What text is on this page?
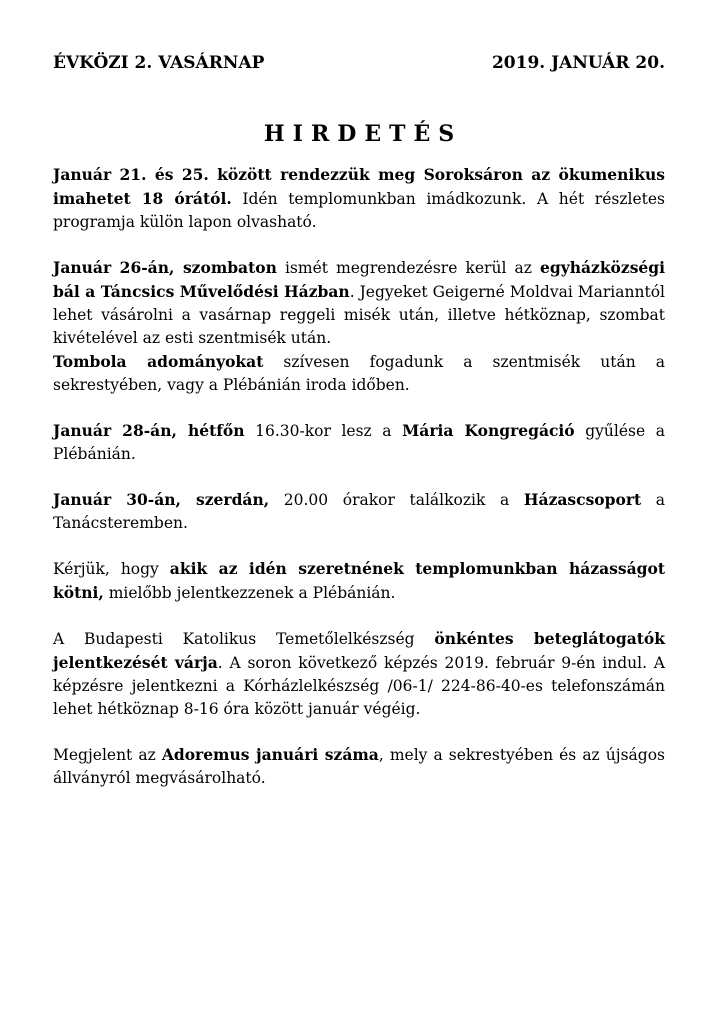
ÉVKÖZI 2. VASÁRNAP	2019. JANUÁR 20.
HIRDETÉS

Január 21. és 25. között rendezzük meg Soroksáron az ökumenikus imahetet 18 órától. Idén templomunkban imádkozunk. A hét részletes programja külön lapon olvasható.

Január 26-án, szombaton ismét megrendezésre kerül az egyházközségi bál a Táncsics Művelődési Házban. Jegyeket Geigerné Moldvai Marianntól lehet vásárolni a vasárnap reggeli misék után, illetve hétköznap, szombat kivételével az esti szentmisék után.

Tombola adományokat szívesen fogadunk a szentmisék után a sekrestyében, vagy a Plébánián iroda időben.

Január 28-án, hétfőn 16.30-kor lesz a Mária Kongregáció gyűlése a Plébánián.

Január 30-án, szerdán, 20.00 órakor találkozik a Házascsoport a Tanácsteremben.

Kérjük, hogy akik az idén szeretnének templomunkban házasságot kötni, mielőbb jelentkezzenek a Plébánián.

A Budapesti Katolikus Temetőlelkészség önkéntes beteglátogatók jelentkezését várja. A soron következő képzés 2019. február 9-én indul. A képzésre jelentkezni a Kórházlelkészség /06-1/ 224-86-40-es telefonszámán lehet hétköznap 8-16 óra között január végéig.

Megjelent az Adoremus januári száma, mely a sekrestyében és az újságos állványról megvásárolható.
